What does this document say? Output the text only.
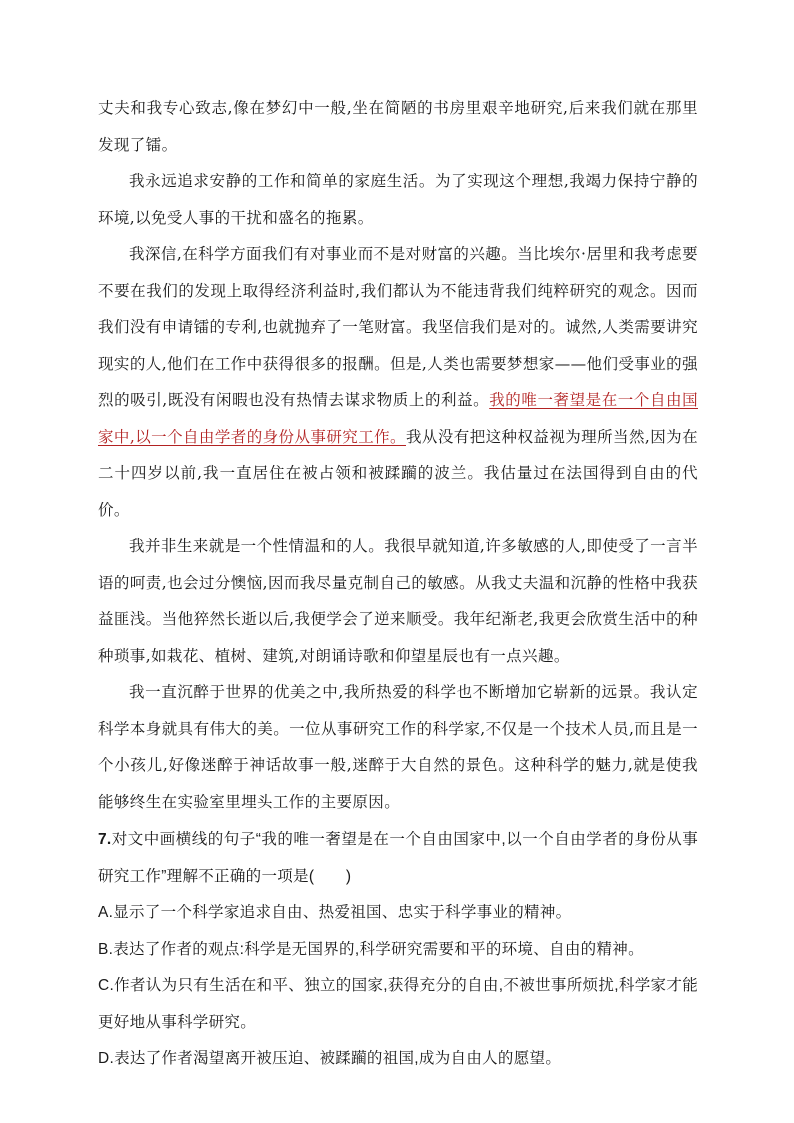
丈夫和我专心致志,像在梦幻中一般,坐在简陋的书房里艰辛地研究,后来我们就在那里发现了镭。

我永远追求安静的工作和简单的家庭生活。为了实现这个理想,我竭力保持宁静的环境,以免受人事的干扰和盛名的拖累。

我深信,在科学方面我们有对事业而不是对财富的兴趣。当比埃尔·居里和我考虑要不要在我们的发现上取得经济利益时,我们都认为不能违背我们纯粹研究的观念。因而我们没有申请镭的专利,也就抛弃了一笔财富。我坚信我们是对的。诚然,人类需要讲究现实的人,他们在工作中获得很多的报酬。但是,人类也需要梦想家——他们受事业的强烈的吸引,既没有闲暇也没有热情去谋求物质上的利益。我的唯一奢望是在一个自由国家中,以一个自由学者的身份从事研究工作。我从没有把这种权益视为理所当然,因为在二十四岁以前,我一直居住在被占领和被蹂躏的波兰。我估量过在法国得到自由的代价。

我并非生来就是一个性情温和的人。我很早就知道,许多敏感的人,即使受了一言半语的呵责,也会过分懊恼,因而我尽量克制自己的敏感。从我丈夫温和沉静的性格中我获益匪浅。当他猝然长逝以后,我便学会了逆来顺受。我年纪渐老,我更会欣赏生活中的种种琐事,如栽花、植树、建筑,对朗诵诗歌和仰望星辰也有一点兴趣。

我一直沉醉于世界的优美之中,我所热爱的科学也不断增加它崭新的远景。我认定科学本身就具有伟大的美。一位从事研究工作的科学家,不仅是一个技术人员,而且是一个小孩儿,好像迷醉于神话故事一般,迷醉于大自然的景色。这种科学的魅力,就是使我能够终生在实验室里埋头工作的主要原因。

7.对文中画横线的句子“我的唯一奢望是在一个自由国家中,以一个自由学者的身份从事研究工作”理解不正确的一项是(　　)

A.显示了一个科学家追求自由、热爱祖国、忠实于科学事业的精神。

B.表达了作者的观点:科学是无国界的,科学研究需要和平的环境、自由的精神。

C.作者认为只有生活在和平、独立的国家,获得充分的自由,不被世事所烦扰,科学家才能更好地从事科学研究。

D.表达了作者渴望离开被压迫、被蹂躏的祖国,成为自由人的愿望。
